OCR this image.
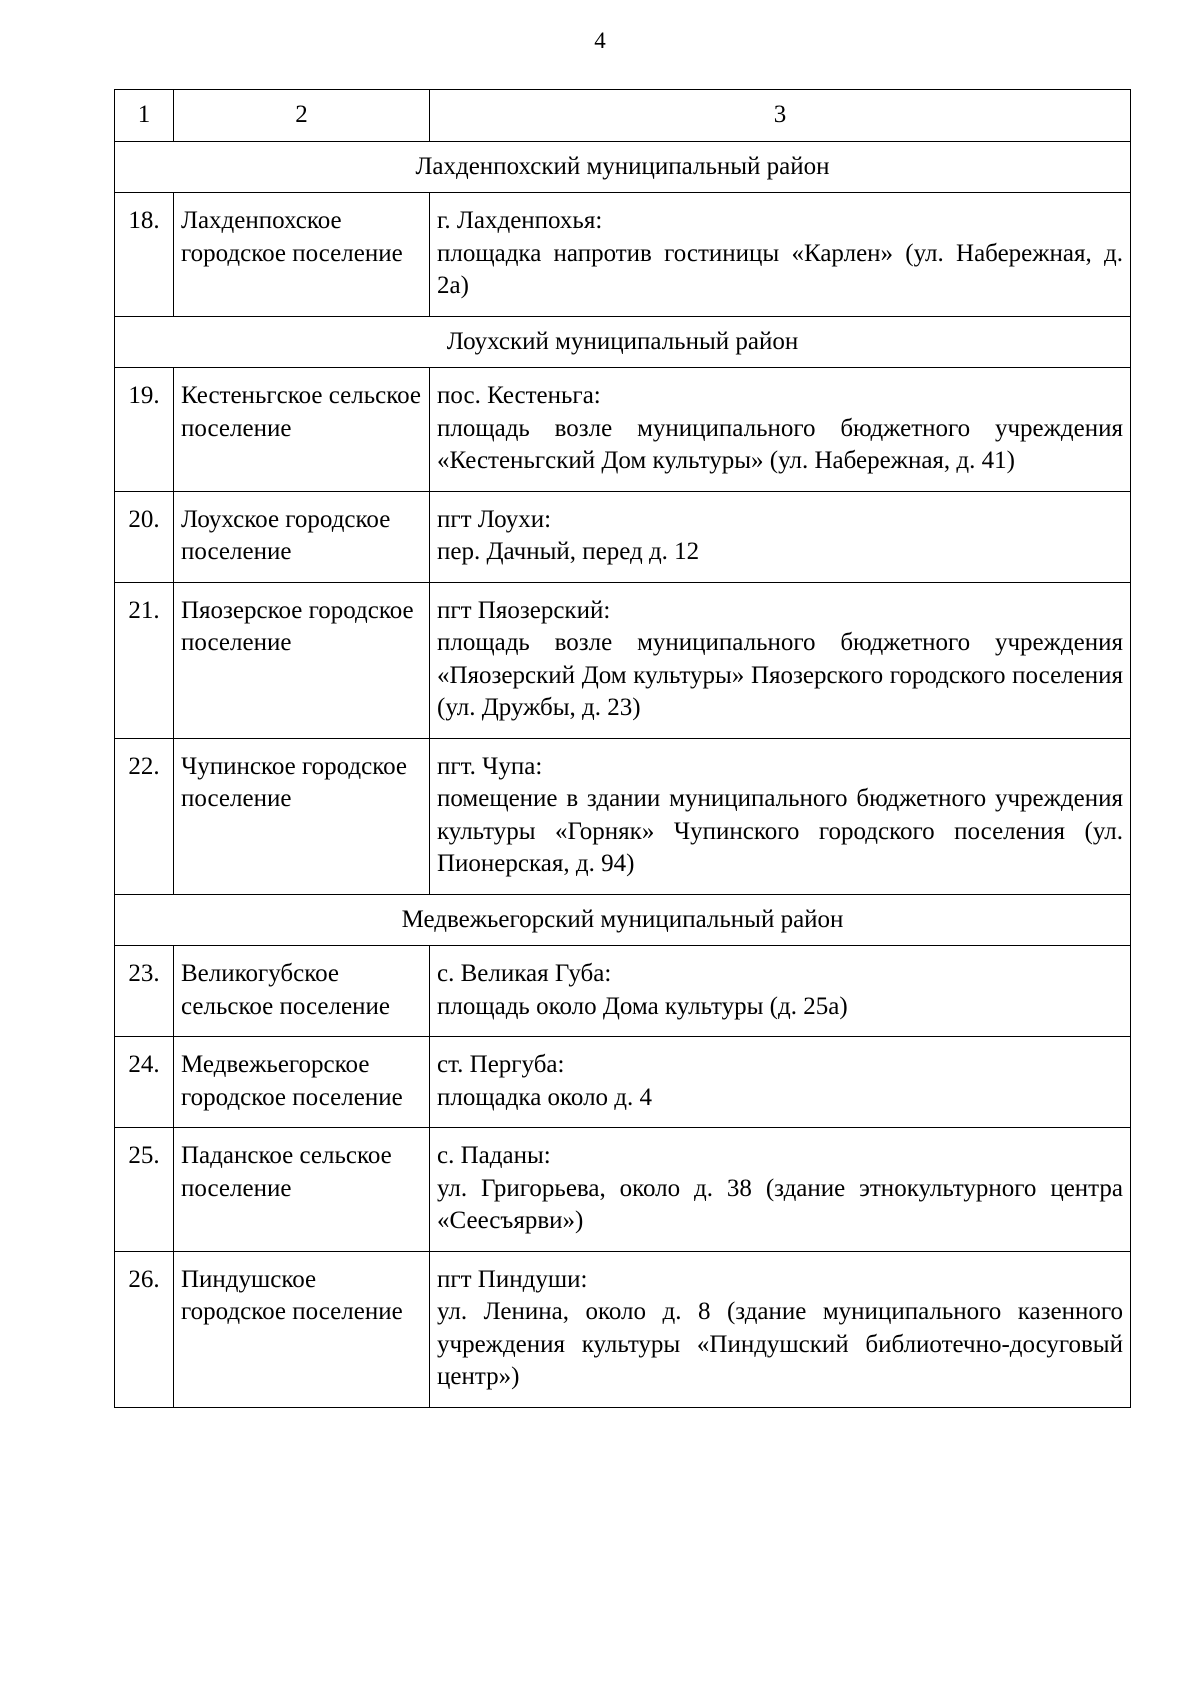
4
1	2	3
Лахденпохский муниципальный район		
18.	Лахденпохское городское поселение	г. Лахденпохья:
площадка напротив гостиницы «Карлен» (ул. Набережная, д. 2а)

Лоухский муниципальный район		
19.	Кестеньгское сельское поселение	пос. Кестеньга:
площадь возле муниципального бюджетного учреждения «Кестеньгский Дом культуры» (ул. Набережная, д. 41)

20.	Лоухское городское поселение	пгт Лоухи:
пер. Дачный, перед д. 12

21.	Пяозерское городское поселение	пгт Пяозерский:
площадь возле муниципального бюджетного учреждения «Пяозерский Дом культуры» Пяозерского городского поселения (ул. Дружбы, д. 23)

22.	Чупинское городское поселение	пгт. Чупа:
помещение в здании муниципального бюджетного учреждения культуры «Горняк» Чупинского городского поселения (ул. Пионерская, д. 94)

Медвежьегорский муниципальный район		
23.	Великогубское сельское поселение	с. Великая Губа:
площадь около Дома культуры (д. 25а)

24.	Медвежьегорское городское поселение	ст. Пергуба:
площадка около д. 4

25.	Паданское сельское поселение	с. Паданы:
ул. Григорьева, около д. 38 (здание этнокультурного центра «Сеесъярви»)

26.	Пиндушское городское поселение	пгт Пиндуши:
ул. Ленина, около д. 8 (здание муниципального казенного учреждения культуры «Пиндушский библиотечно-досуговый центр»)
